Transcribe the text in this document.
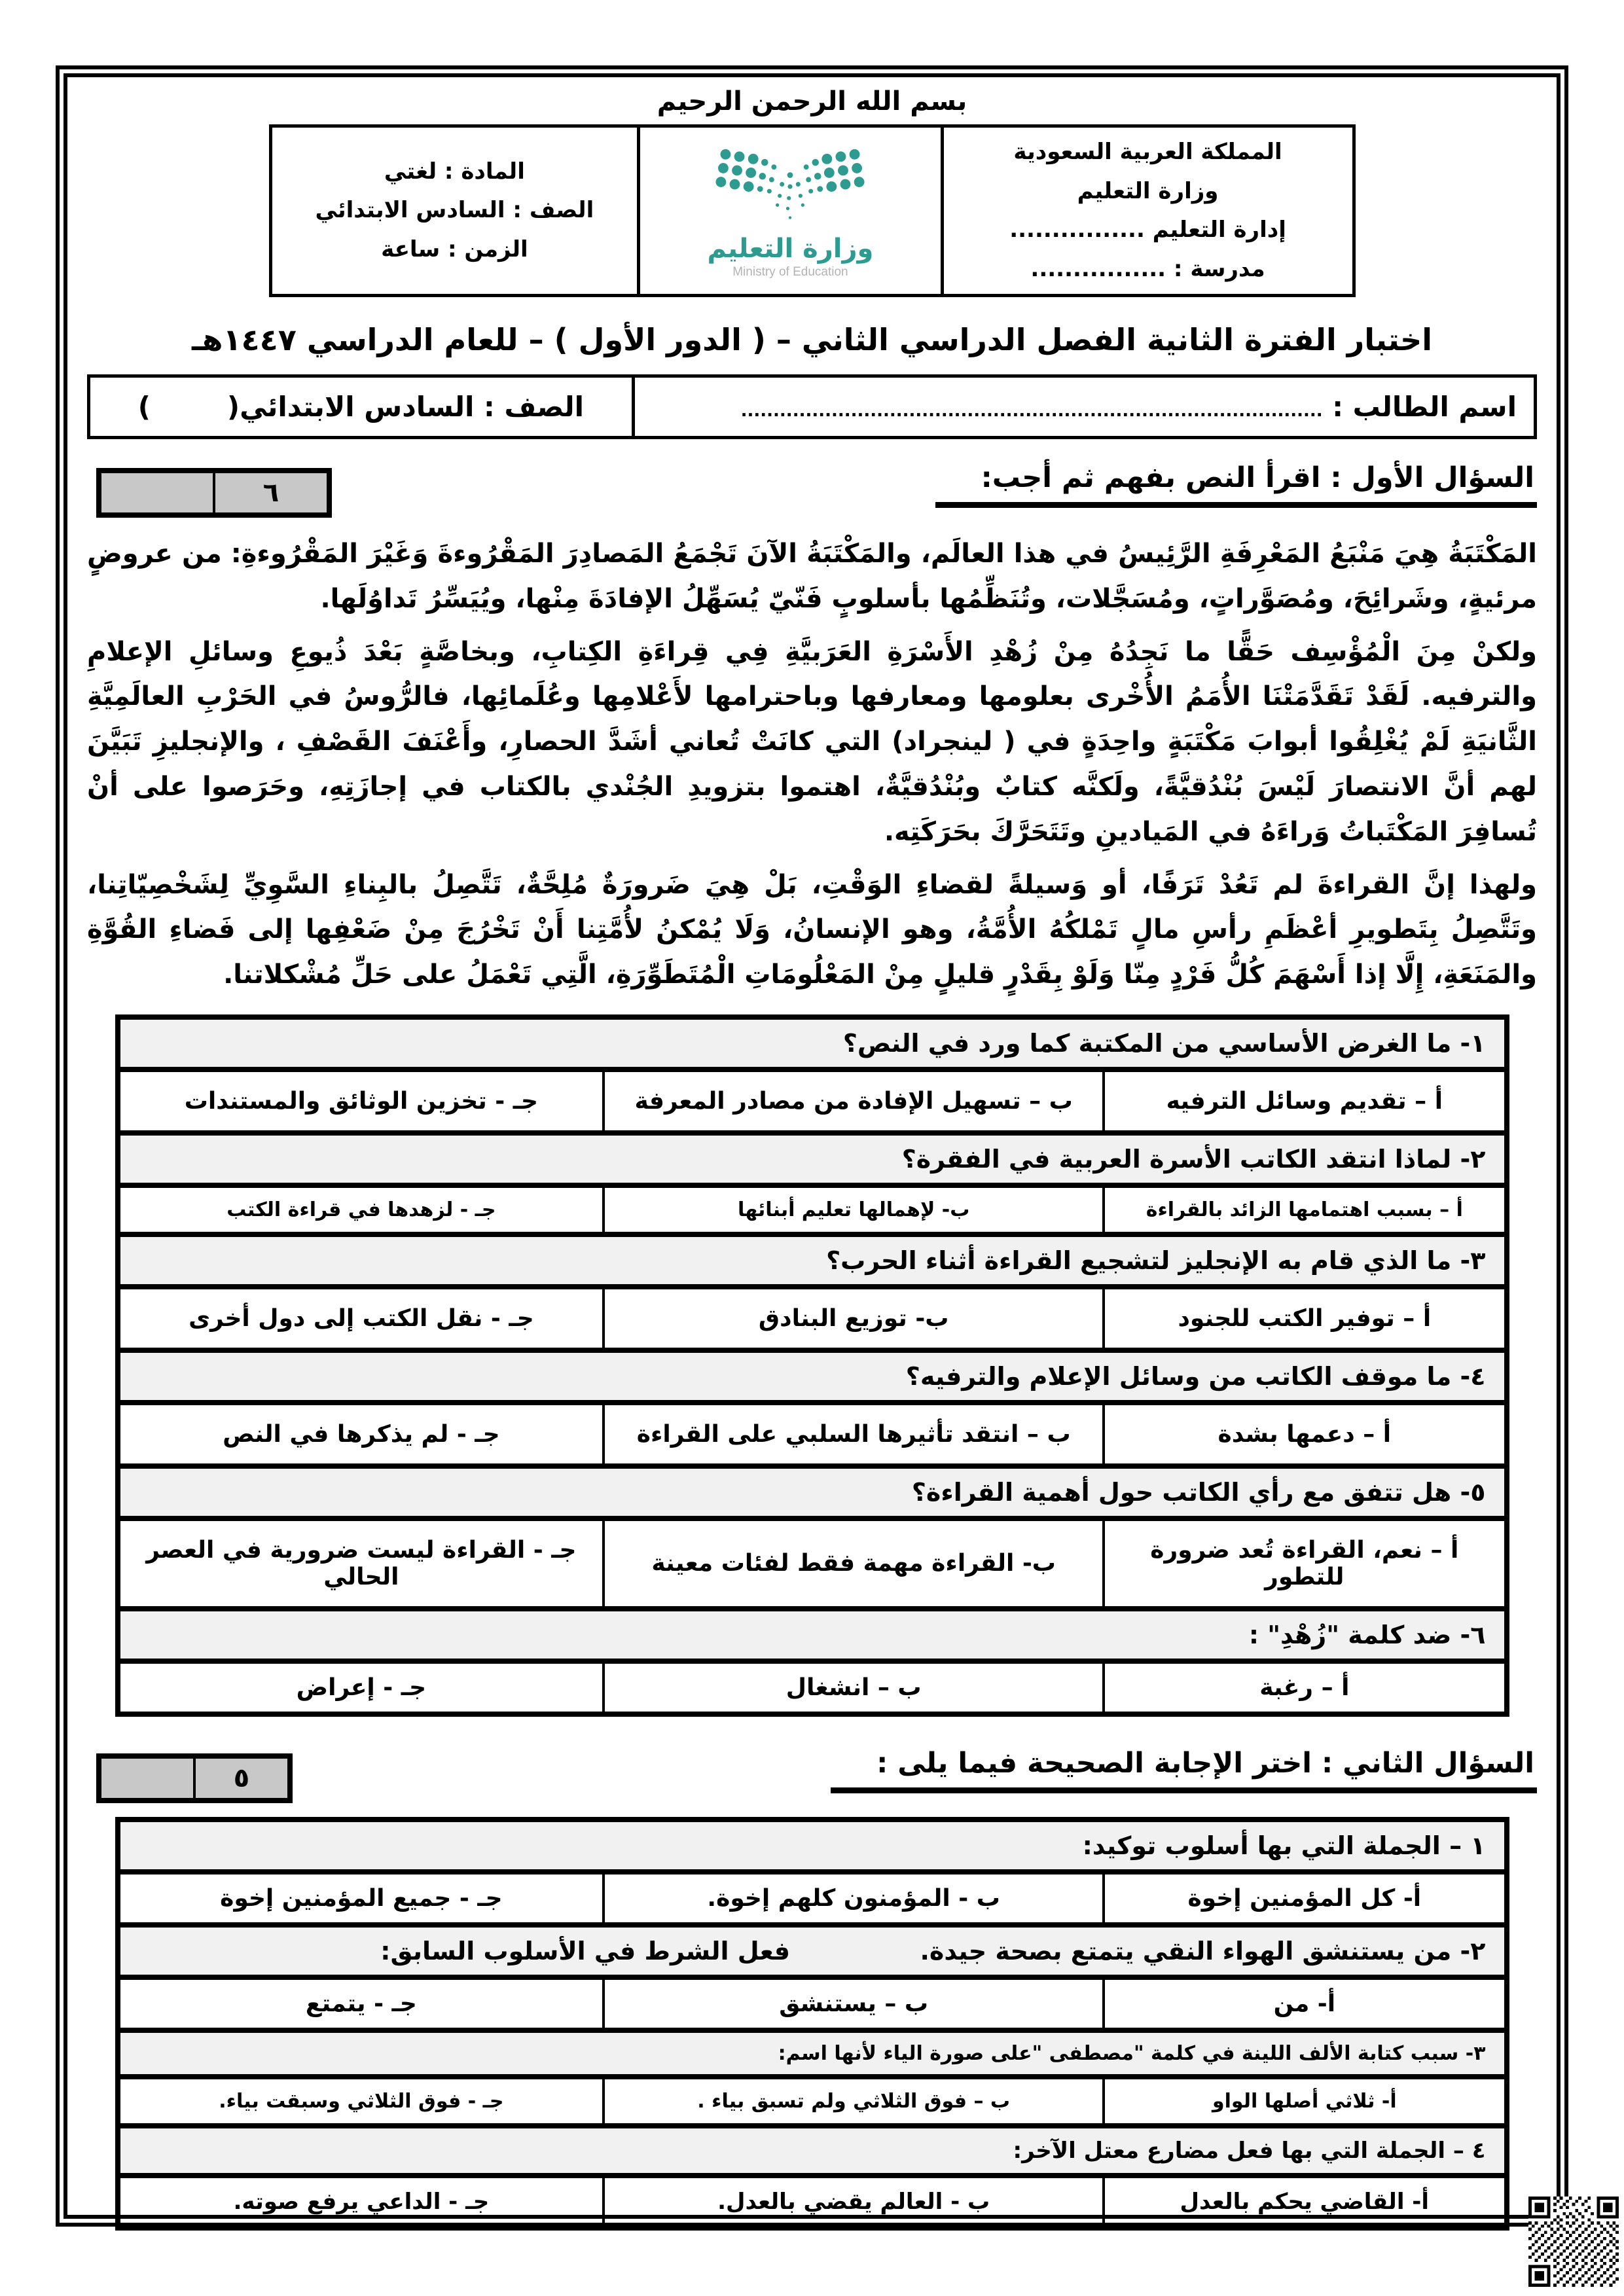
بسم الله الرحمن الرحيم
المملكة العربية السعودية
وزارة التعليم
إدارة التعليم ................
مدرسة : ................

وزارة التعليم
Ministry of Education

المادة : لغتي
الصف : السادس الابتدائي
الزمن : ساعة
اختبار الفترة الثانية الفصل الدراسي الثاني – ( الدور الأول ) – للعام الدراسي ١٤٤٧هـ
اسم الطالب : ..........................................................................................	الصف : السادس الابتدائي(        )
السؤال الأول : اقرأ النص بفهم ثم أجب:
٦

المَكْتَبَةُ هِيَ مَنْبَعُ المَعْرِفَةِ الرَّئِيسُ في هذا العالَم، والمَكْتَبَةُ الآنَ تَجْمَعُ المَصادِرَ المَقْرُوءةَ وَغَيْرَ المَقْرُوءةِ: من عروضٍ مرئيةٍ، وشَرائِحَ، ومُصَوَّراتٍ، ومُسَجَّلات، وتُنَظِّمُها بأسلوبٍ فَنّيّ يُسَهِّلُ الإفادَةَ مِنْها، ويُيَسِّرُ تَداوُلَها.

ولكنْ مِنَ الْمُؤْسِف حَقًّا ما نَجِدُهُ مِنْ زُهْدِ الأَسْرَةِ العَرَبيَّةِ فِي قِراءَةِ الكِتابِ، وبخاصَّةٍ بَعْدَ ذُيوعِ وسائلِ الإعلامِ والترفيه. لَقَدْ تَقَدَّمَتْنَا الأُمَمُ الأُخْرى بعلومها ومعارفها وباحترامها لأَعْلامِها وعُلَمائِها، فالرُّوسُ في الحَرْبِ العالَمِيَّةِ الثَّانيَةِ لَمْ يُغْلِقُوا أبوابَ مَكْتَبَةٍ واحِدَةٍ في ( لينجراد) التي كانَتْ تُعاني أشَدَّ الحصارِ، وأَعْنَفَ القَصْفِ ، والإنجليزِ تَبَيَّنَ لهم أنَّ الانتصارَ لَيْسَ بُنْدُقيَّةً، ولَكنَّه كتابٌ وبُنْدُقيَّةٌ، اهتموا بتزويدِ الجُنْدي بالكتاب في إجازَتِهِ، وحَرَصوا على أنْ تُسافِرَ المَكْتَباتُ وَراءَهُ في المَيادينِ وتَتَحَرَّكَ بحَرَكَتِه.

ولهذا إنَّ القراءةَ لم تَعُدْ تَرَفًا، أو وَسيلةً لقضاءِ الوَقْتِ، بَلْ هِيَ ضَرورَةٌ مُلِحَّةٌ، تَتَّصِلُ بالبِناءِ السَّوِيِّ لِشَخْصِيّاتِنا، وتَتَّصِلُ بِتَطويرِ أعْظَمِ رأسِ مالٍ تَمْلكُهُ الأُمَّةُ، وهو الإنسانُ، وَلَا يُمْكنُ لأُمَّتِنا أَنْ تَخْرُجَ مِنْ ضَعْفِها إلى فَضاءِ القُوَّةِ والمَنَعَةِ، إِلَّا إذا أَسْهَمَ كُلُّ فَرْدٍ مِنّا وَلَوْ بِقَدْرٍ قليلٍ مِنْ المَعْلُومَاتِ الْمُتَطَوِّرَةِ، الَّتِي تَعْمَلُ على حَلِّ مُشْكلاتنا.

١- ما الغرض الأساسي من المكتبة كما ورد في النص؟		
أ – تقديم وسائل الترفيه	ب – تسهيل الإفادة من مصادر المعرفة	جـ - تخزين الوثائق والمستندات
٢- لماذا انتقد الكاتب الأسرة العربية في الفقرة؟		
أ – بسبب اهتمامها الزائد بالقراءة	ب- لإهمالها تعليم أبنائها	جـ - لزهدها في قراءة الكتب
٣- ما الذي قام به الإنجليز لتشجيع القراءة أثناء الحرب؟		
أ – توفير الكتب للجنود	ب- توزيع البنادق	جـ - نقل الكتب إلى دول أخرى
٤- ما موقف الكاتب من وسائل الإعلام والترفيه؟		
أ – دعمها بشدة	ب – انتقد تأثيرها السلبي على القراءة	جـ - لم يذكرها في النص
٥- هل تتفق مع رأي الكاتب حول أهمية القراءة؟		
أ – نعم، القراءة تُعد ضرورة للتطور	ب- القراءة مهمة فقط لفئات معينة	جـ - القراءة ليست ضرورية في العصر الحالي
٦- ضد كلمة "زُهْدِ" :		
أ – رغبة	ب – انشغال	جـ - إعراض
السؤال الثاني : اختر الإجابة الصحيحة فيما يلى :
٥
١ – الجملة التي بها أسلوب توكيد:		
أ- كل المؤمنين إخوة	ب - المؤمنون كلهم إخوة.	جـ - جميع المؤمنين إخوة
٢- من يستنشق الهواء النقي يتمتع بصحة جيدة.               فعل الشرط في الأسلوب السابق:		
أ- من	ب – يستنشق	جـ - يتمتع
٣- سبب كتابة الألف اللينة في كلمة "مصطفى "على صورة الياء لأنها اسم:		
أ- ثلاثي أصلها الواو	ب – فوق الثلاثي ولم تسبق بياء .	جـ - فوق الثلاثي وسبقت بياء.
٤ – الجملة التي بها فعل مضارع معتل الآخر:		
أ- القاضي يحكم بالعدل	ب - العالم يقضي بالعدل.	جـ - الداعي يرفع صوته.
